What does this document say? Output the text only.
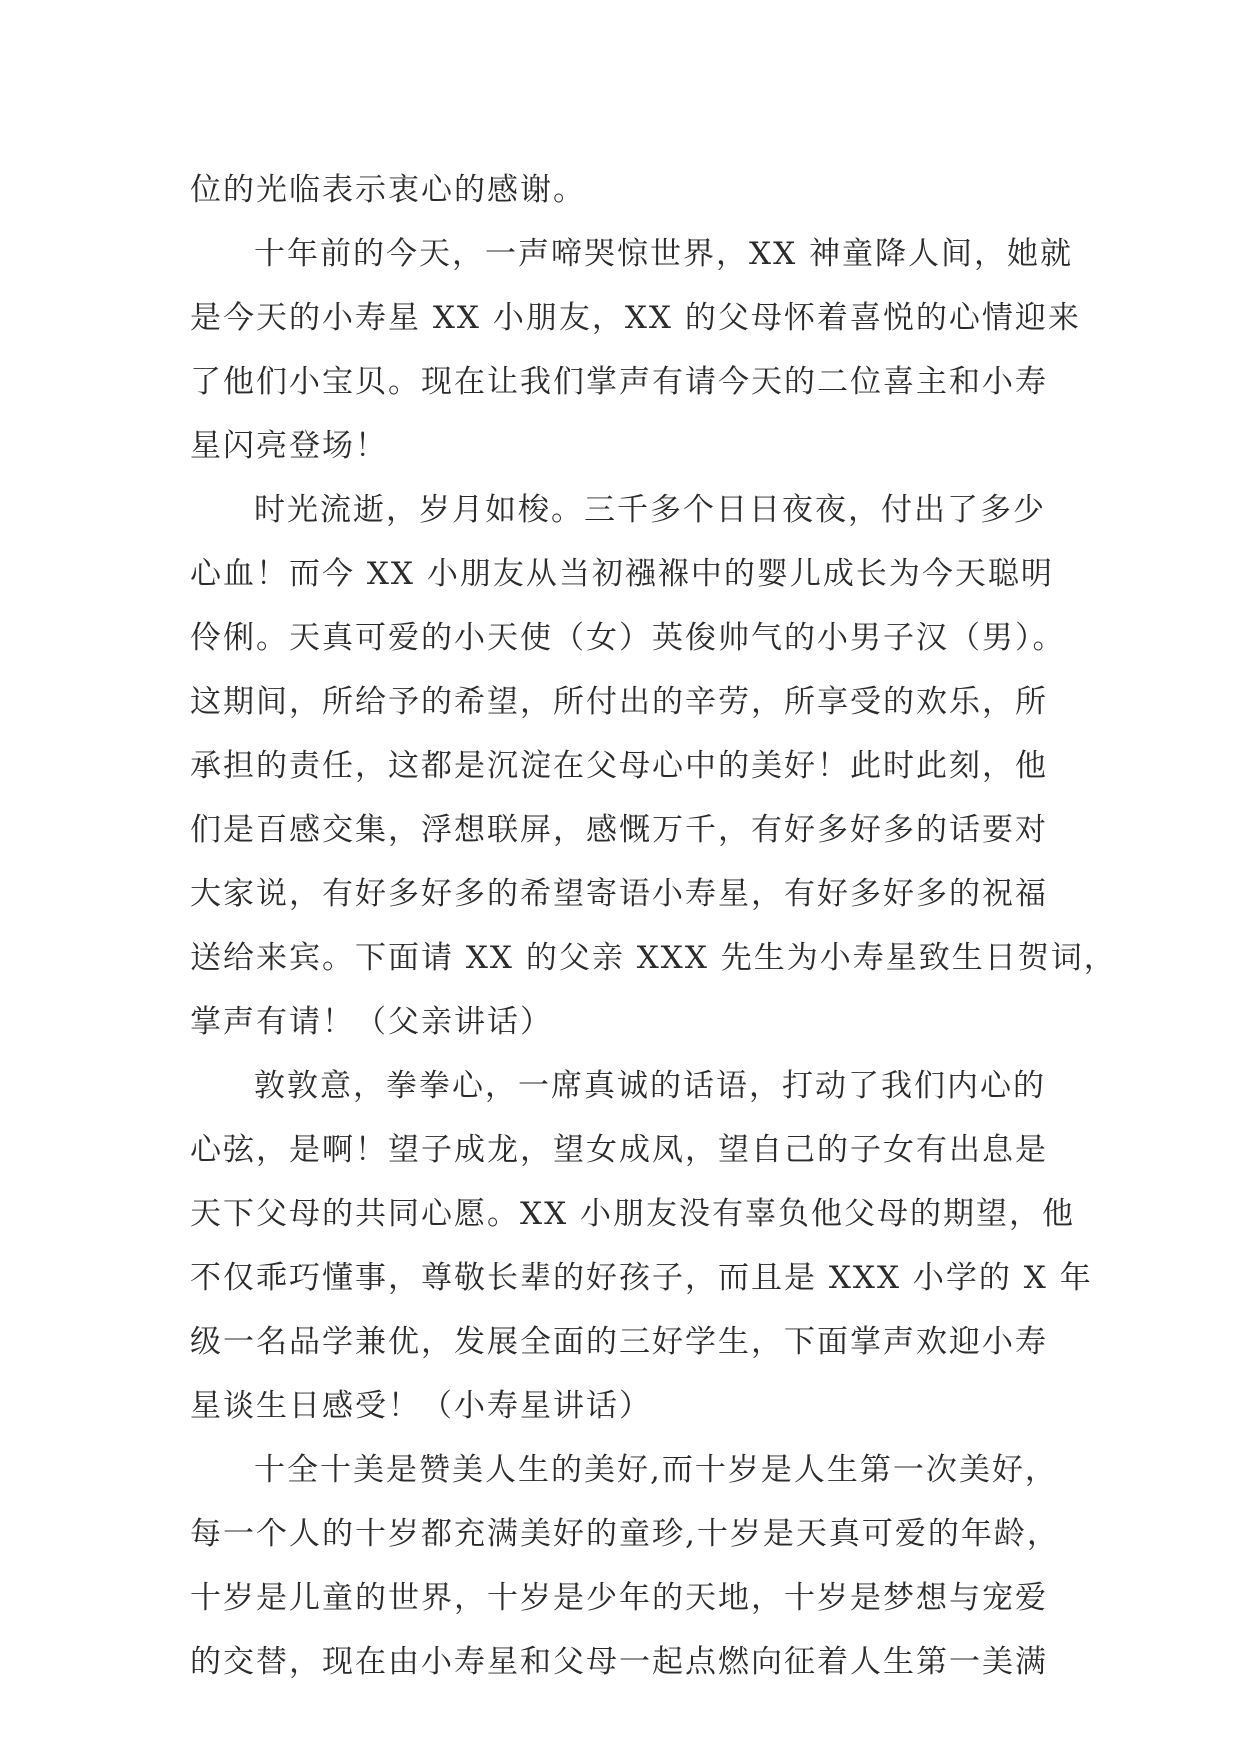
位的光临表示衷心的感谢。
十年前的今天，一声啼哭惊世界，XX 神童降人间，她就
是今天的小寿星 XX 小朋友，XX 的父母怀着喜悦的心情迎来
了他们小宝贝。现在让我们掌声有请今天的二位喜主和小寿
星闪亮登场！
时光流逝，岁月如梭。三千多个日日夜夜，付出了多少
心血！而今 XX 小朋友从当初襁褓中的婴儿成长为今天聪明
伶俐。天真可爱的小天使（女）英俊帅气的小男子汉（男）。
这期间，所给予的希望，所付出的辛劳，所享受的欢乐，所
承担的责任，这都是沉淀在父母心中的美好！此时此刻，他
们是百感交集，浮想联屏，感慨万千，有好多好多的话要对
大家说，有好多好多的希望寄语小寿星，有好多好多的祝福
送给来宾。下面请 XX 的父亲 XXX 先生为小寿星致生日贺词，
掌声有请！（父亲讲话）
敦敦意，拳拳心，一席真诚的话语，打动了我们内心的
心弦，是啊！望子成龙，望女成凤，望自己的子女有出息是
天下父母的共同心愿。XX 小朋友没有辜负他父母的期望，他
不仅乖巧懂事，尊敬长辈的好孩子，而且是 XXX 小学的 X 年
级一名品学兼优，发展全面的三好学生，下面掌声欢迎小寿
星谈生日感受！（小寿星讲话）
十全十美是赞美人生的美好,而十岁是人生第一次美好，
每一个人的十岁都充满美好的童珍,十岁是天真可爱的年龄，
十岁是儿童的世界，十岁是少年的天地，十岁是梦想与宠爱
的交替，现在由小寿星和父母一起点燃向征着人生第一美满
